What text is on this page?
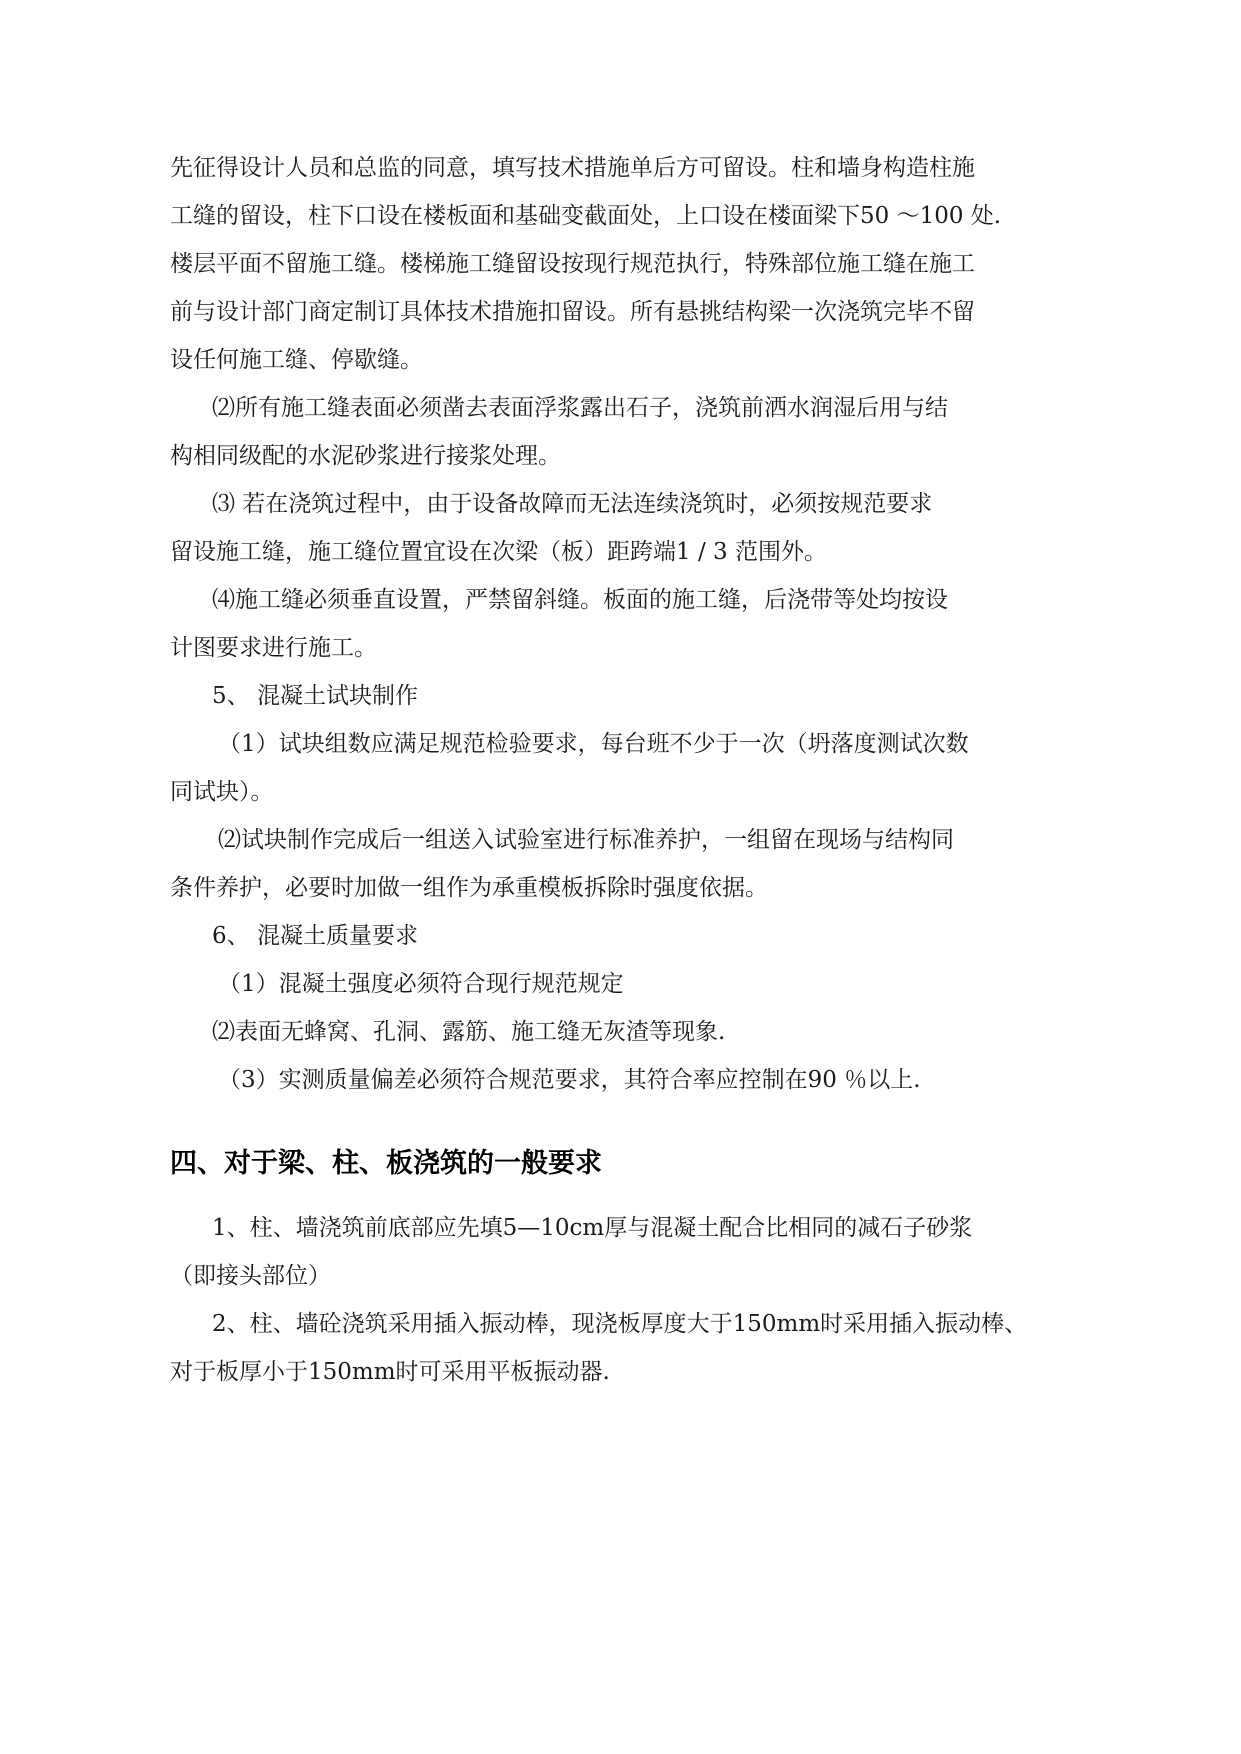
先征得设计人员和总监的同意，填写技术措施单后方可留设。柱和墙身构造柱施

工缝的留设，柱下口设在楼板面和基础变截面处，上口设在楼面梁下50 ～100 处.

楼层平面不留施工缝。楼梯施工缝留设按现行规范执行，特殊部位施工缝在施工

前与设计部门商定制订具体技术措施扣留设。所有悬挑结构梁一次浇筑完毕不留

设任何施工缝、停歇缝。

⑵所有施工缝表面必须凿去表面浮浆露出石子，浇筑前洒水润湿后用与结

构相同级配的水泥砂浆进行接浆处理。

⑶ 若在浇筑过程中，由于设备故障而无法连续浇筑时，必须按规范要求

留设施工缝，施工缝位置宜设在次梁（板）距跨端1 / 3 范围外。

⑷施工缝必须垂直设置，严禁留斜缝。板面的施工缝，后浇带等处均按设

计图要求进行施工。

5、 混凝土试块制作

（1）试块组数应满足规范检验要求，每台班不少于一次（坍落度测试次数

同试块）。

⑵试块制作完成后一组送入试验室进行标准养护，一组留在现场与结构同

条件养护，必要时加做一组作为承重模板拆除时强度依据。

6、 混凝土质量要求

（1）混凝土强度必须符合现行规范规定

⑵表面无蜂窝、孔洞、露筋、施工缝无灰渣等现象.

（3）实测质量偏差必须符合规范要求，其符合率应控制在90 ％以上.

四、对于梁、柱、板浇筑的一般要求

1、柱、墙浇筑前底部应先填5—10cm厚与混凝土配合比相同的减石子砂浆

（即接头部位）

2、柱、墙砼浇筑采用插入振动棒，现浇板厚度大于150mm时采用插入振动棒、

对于板厚小于150mm时可采用平板振动器.
